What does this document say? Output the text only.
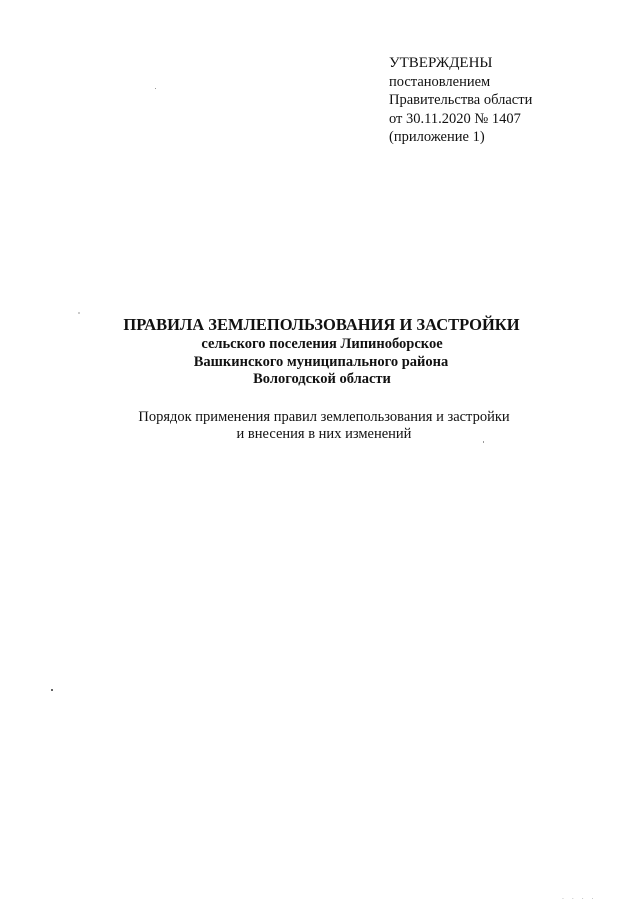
УТВЕРЖДЕНЫ
постановлением
Правительства области
от 30.11.2020 № 1407
(приложение 1)
ПРАВИЛА ЗЕМЛЕПОЛЬЗОВАНИЯ И ЗАСТРОЙКИ
сельского поселения Липиноборское
Вашкинского муниципального района
Вологодской области
Порядок применения правил землепользования и застройки
и внесения в них изменений
. . . .
